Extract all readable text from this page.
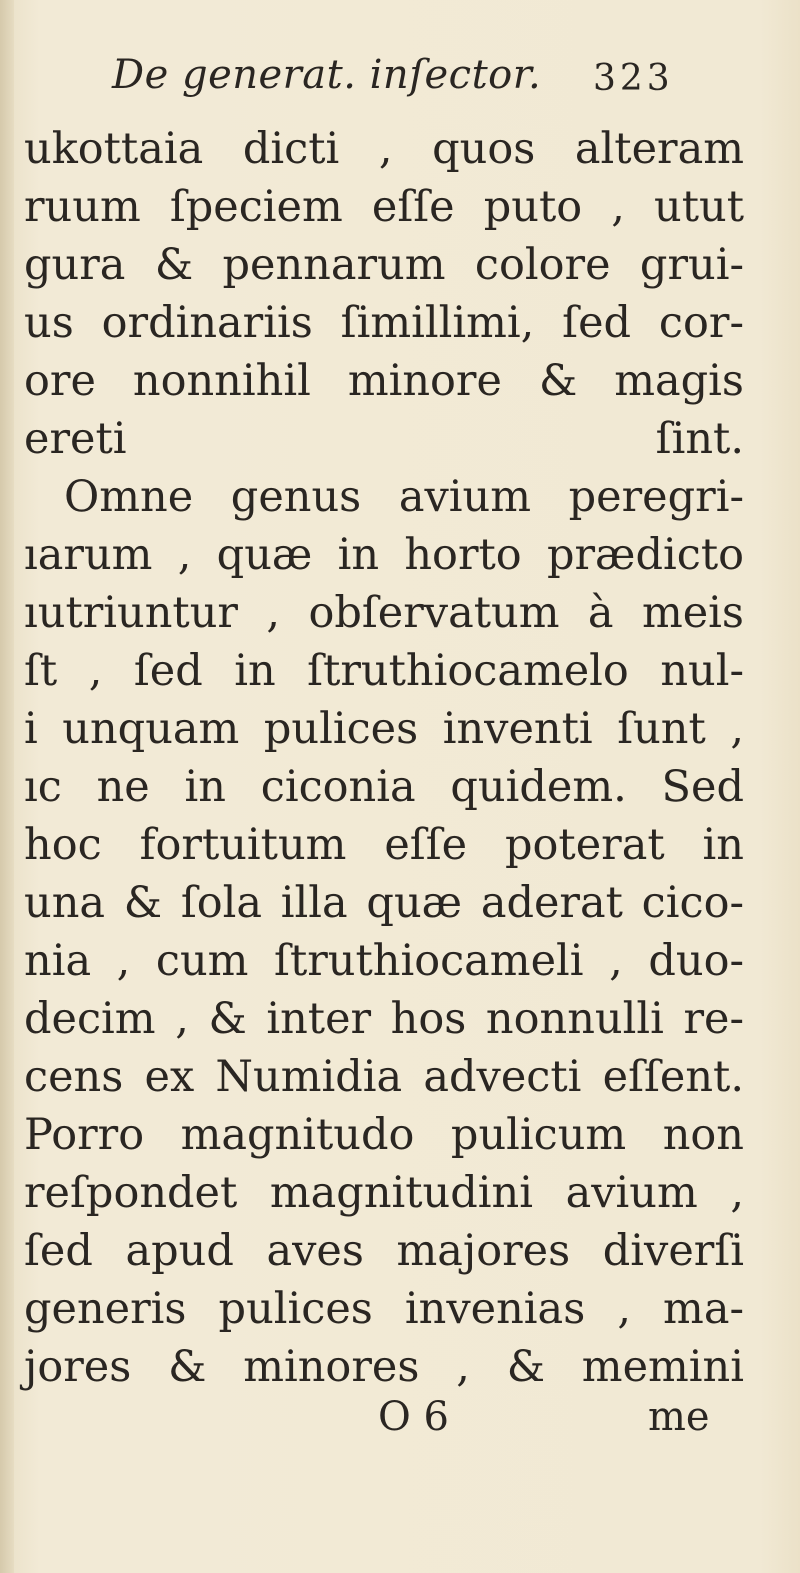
De generat. inſector. 323
ukottaia dicti , quos alteram
ruum ſpeciem eſſe puto , utut
gura & pennarum colore grui-
us ordinariis ſimillimi, ſed cor-
ore nonnihil minore & magis
ereti ſint.
Omne genus avium peregri-
ıarum , quæ in horto prædicto
ıutriuntur , obſervatum à meis
ſt , ſed in ſtruthiocamelo nul-
i unquam pulices inventi ſunt ,
ıc ne in ciconia quidem. Sed
hoc fortuitum eſſe poterat in
una & ſola illa quæ aderat cico-
nia , cum ſtruthiocameli , duo-
decim , & inter hos nonnulli re-
cens ex Numidia advecti eſſent.
Porro magnitudo pulicum non
reſpondet magnitudini avium ,
ſed apud aves majores diverſi
generis pulices invenias , ma-
jores & minores , & memini
O 6	me
